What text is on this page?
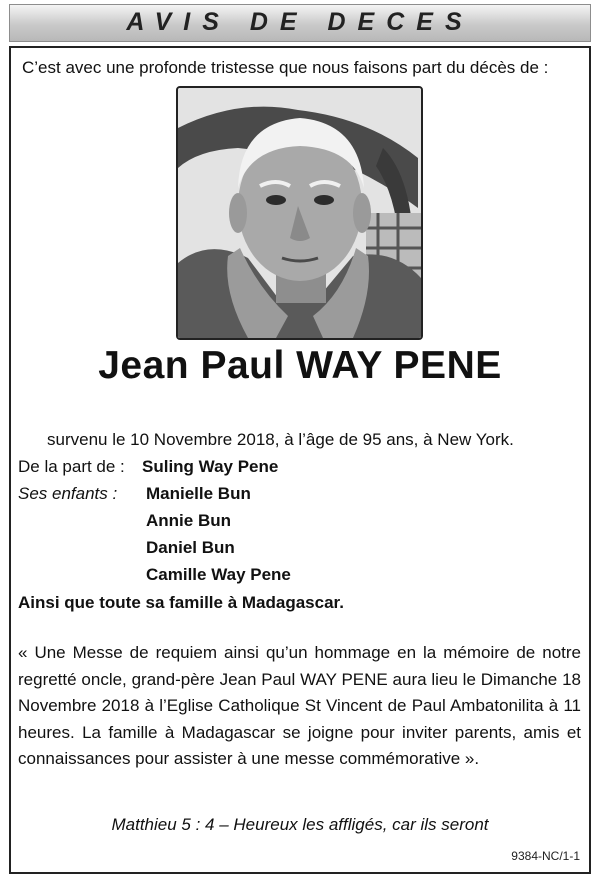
AVIS DE DECES
C’est avec une profonde tristesse que nous faisons part du décès de :
Jean Paul WAY PENE
survenu le 10 Novembre 2018, à l’âge de 95 ans, à New York.
De la part de : Suling Way Pene
Ses enfants : Manielle Bun
Annie Bun
Daniel Bun
Camille Way Pene
Ainsi que toute sa famille à Madagascar.
« Une Messe de requiem ainsi qu’un hommage en la mémoire de notre regretté oncle, grand-père Jean Paul WAY PENE aura lieu le Dimanche 18 Novembre 2018 à l’Eglise Catholique St Vincent de Paul Ambatonilita à 11 heures. La famille à Madagascar se joigne pour inviter parents, amis et connaissances pour assister à une messe commémorative ».
Matthieu 5 : 4 – Heureux les affligés, car ils seront
9384-NC/1-1
